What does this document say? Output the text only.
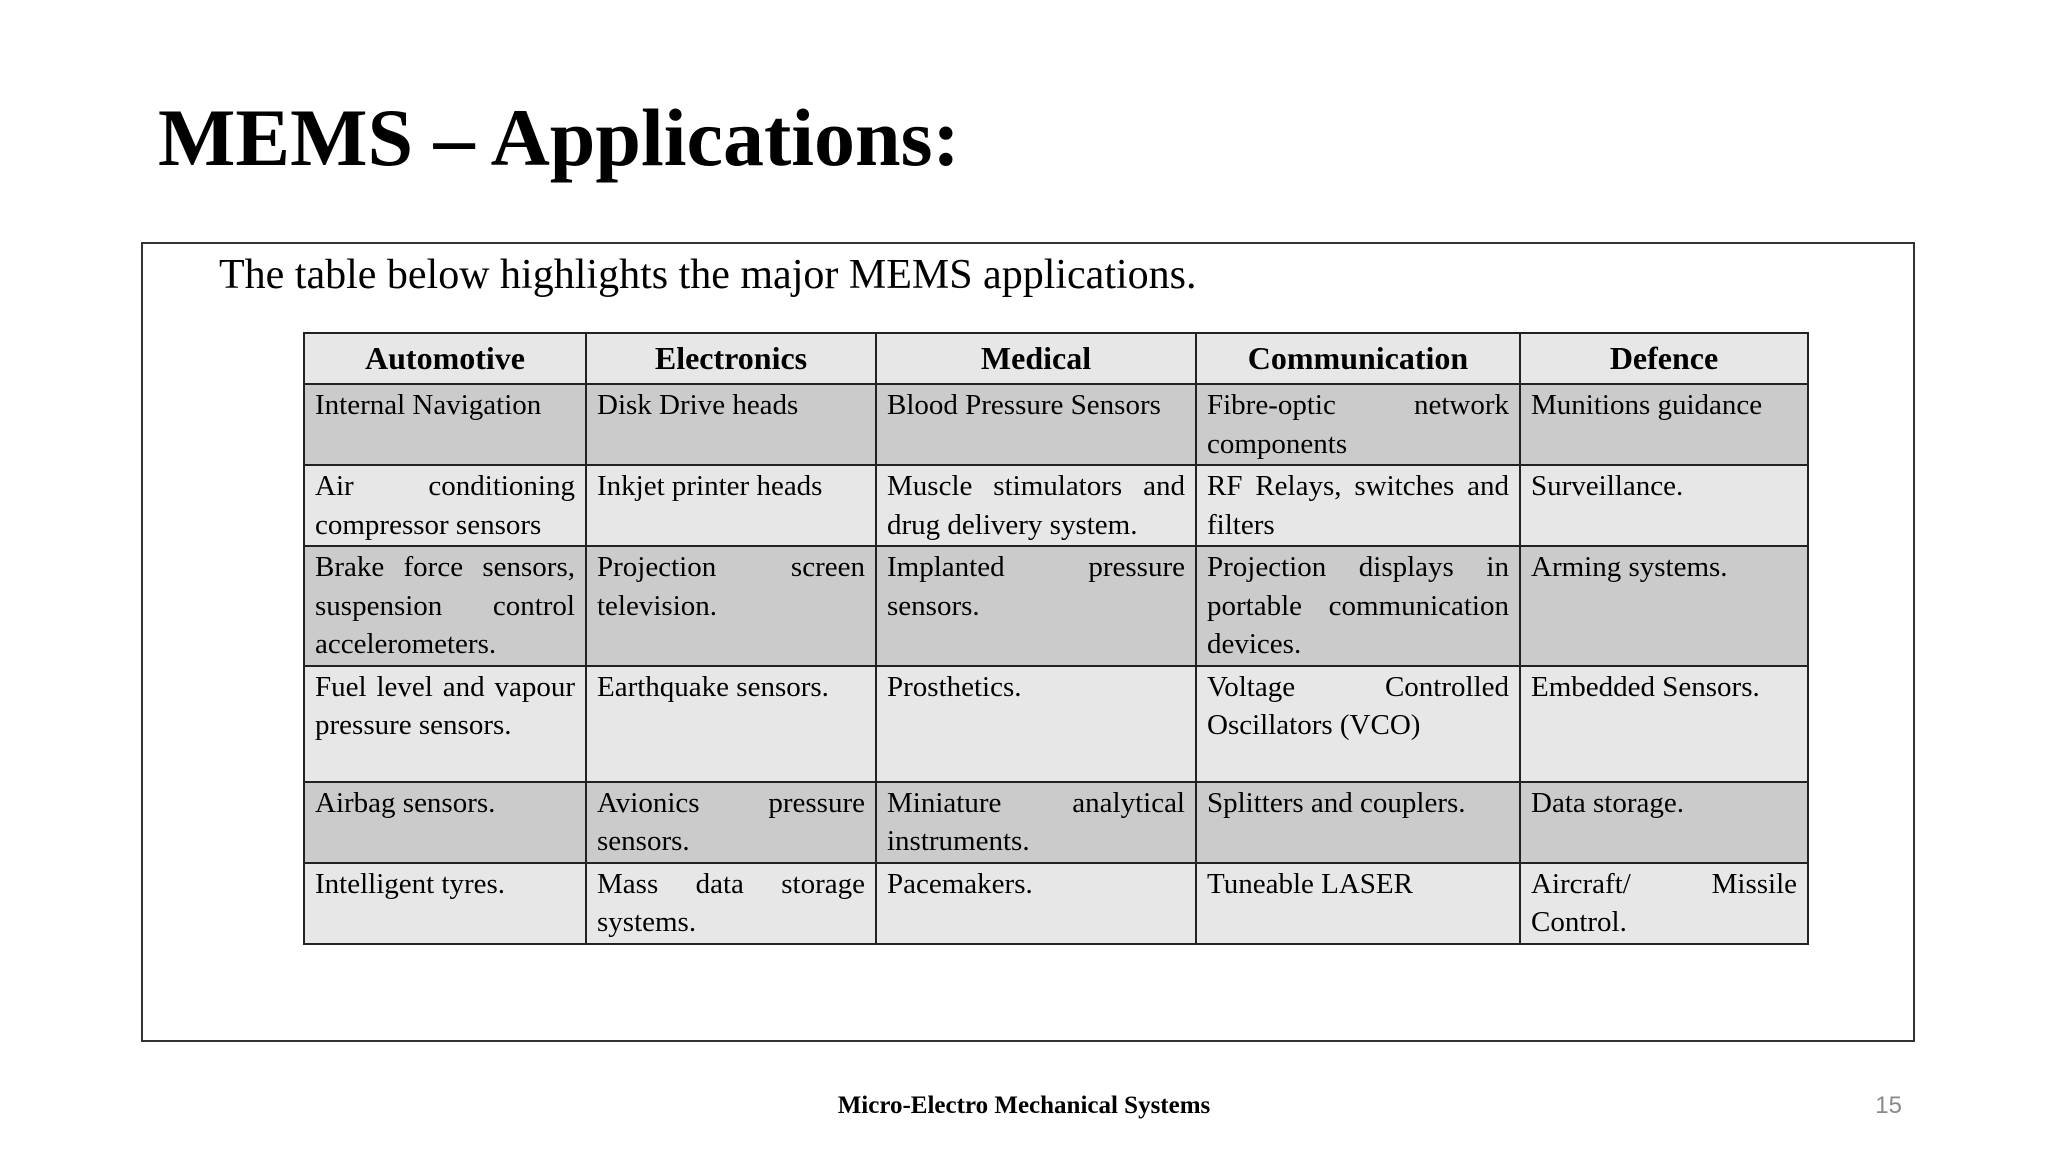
MEMS – Applications:

The table below highlights the major MEMS applications.

Automotive	Electronics	Medical	Communication	Defence
Internal Navigation	Disk Drive heads	Blood Pressure Sensors	Fibre-optic network components	Munitions guidance
Air conditioning compressor sensors	Inkjet printer heads	Muscle stimulators and drug delivery system.	RF Relays, switches and filters	Surveillance.
Brake force sensors, suspension control accelerometers.	Projection screen television.	Implanted pressure sensors.	Projection displays in portable communication devices.	Arming systems.
Fuel level and vapour pressure sensors.	Earthquake sensors.	Prosthetics.	Voltage Controlled Oscillators (VCO)	Embedded Sensors.
Airbag sensors.	Avionics pressure sensors.	Miniature analytical instruments.	Splitters and couplers.	Data storage.
Intelligent tyres.	Mass data storage systems.	Pacemakers.	Tuneable LASER	Aircraft/ Missile Control.
Micro-Electro Mechanical Systems	15
